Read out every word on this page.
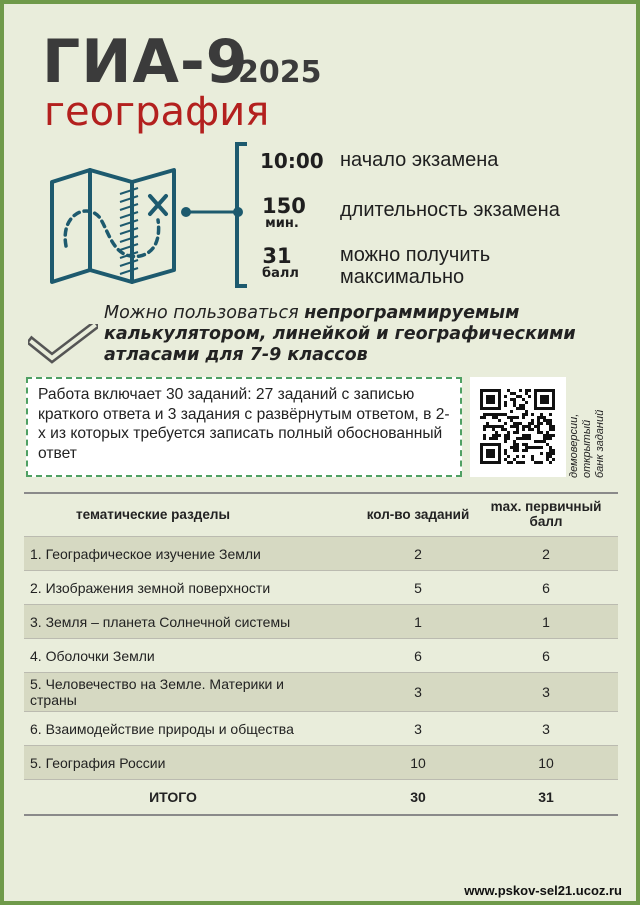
ГИА-9
2025
география
10:00 начало экзамена
150
мин.
длительность экзамена
31
балл
можно получить максимально
Можно пользоваться непрограммируемым калькулятором, линейкой и географическими атласами для 7-9 классов
Работа включает 30 заданий: 27 заданий с записью краткого ответа и 3 задания с развёрнутым ответом, в 2-х из которых требуется записать полный обоснованный ответ	демоверсии, открытый банк заданий
тематические разделы	кол-во заданий	max. первичный балл
1. Географическое изучение Земли	2	2
2. Изображения земной поверхности	5	6
3. Земля – планета Солнечной системы	1	1
4. Оболочки Земли	6	6
5. Человечество на Земле. Материки и страны	3	3
6. Взаимодействие природы и общества	3	3
5. География России	10	10
ИТОГО	30	31
www.pskov-sel21.ucoz.ru
